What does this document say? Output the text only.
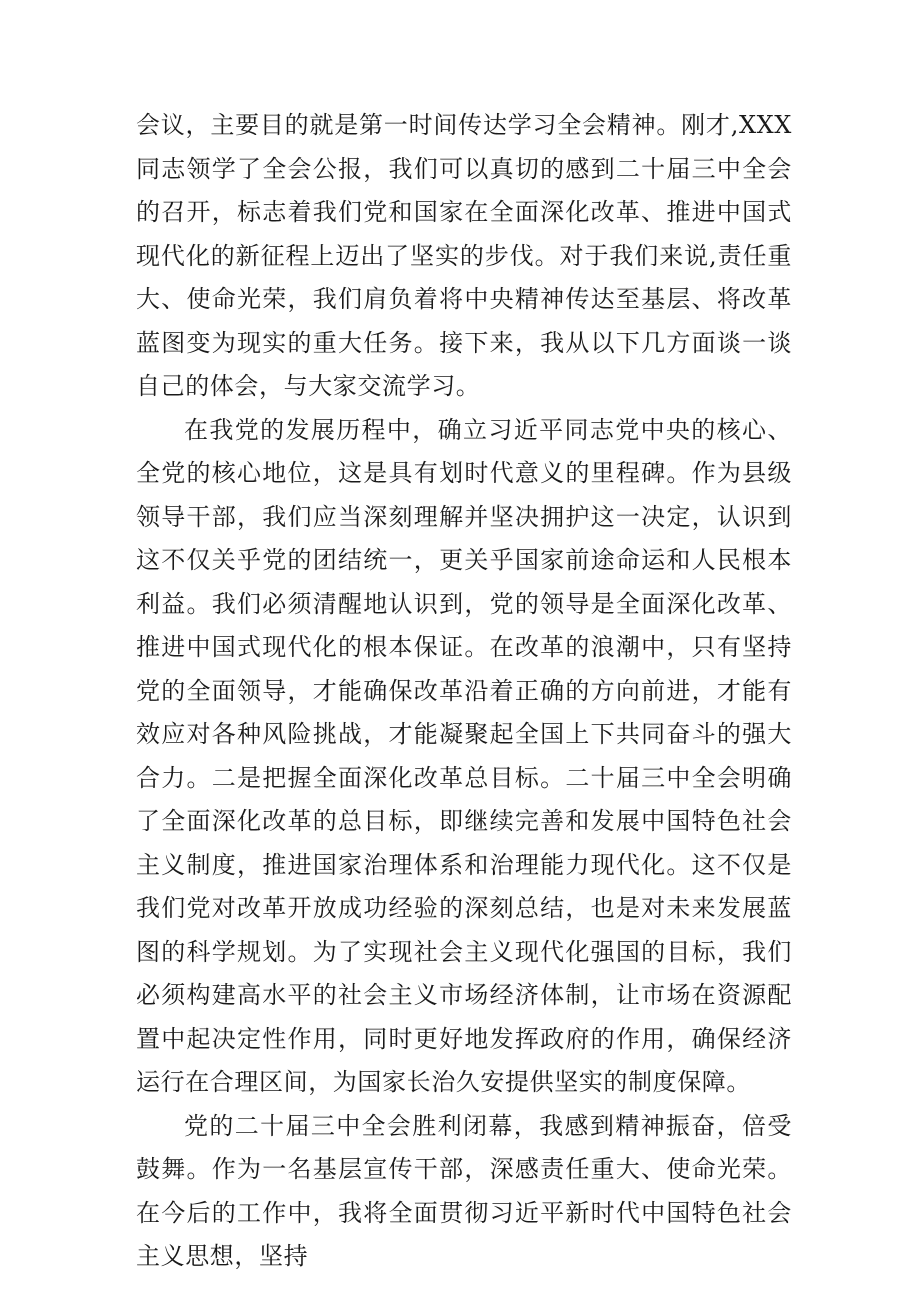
会议，主要目的就是第一时间传达学习全会精神。刚才,XXX同志领学了全会公报，我们可以真切的感到二十届三中全会的召开，标志着我们党和国家在全面深化改革、推进中国式现代化的新征程上迈出了坚实的步伐。对于我们来说,责任重大、使命光荣，我们肩负着将中央精神传达至基层、将改革蓝图变为现实的重大任务。接下来，我从以下几方面谈一谈自己的体会，与大家交流学习。

在我党的发展历程中，确立习近平同志党中央的核心、全党的核心地位，这是具有划时代意义的里程碑。作为县级领导干部，我们应当深刻理解并坚决拥护这一决定，认识到这不仅关乎党的团结统一，更关乎国家前途命运和人民根本利益。我们必须清醒地认识到，党的领导是全面深化改革、推进中国式现代化的根本保证。在改革的浪潮中，只有坚持党的全面领导，才能确保改革沿着正确的方向前进，才能有效应对各种风险挑战，才能凝聚起全国上下共同奋斗的强大合力。二是把握全面深化改革总目标。二十届三中全会明确了全面深化改革的总目标，即继续完善和发展中国特色社会主义制度，推进国家治理体系和治理能力现代化。这不仅是我们党对改革开放成功经验的深刻总结，也是对未来发展蓝图的科学规划。为了实现社会主义现代化强国的目标，我们必须构建高水平的社会主义市场经济体制，让市场在资源配置中起决定性作用，同时更好地发挥政府的作用，确保经济运行在合理区间，为国家长治久安提供坚实的制度保障。

党的二十届三中全会胜利闭幕，我感到精神振奋，倍受鼓舞。作为一名基层宣传干部，深感责任重大、使命光荣。在今后的工作中，我将全面贯彻习近平新时代中国特色社会主义思想，坚持
